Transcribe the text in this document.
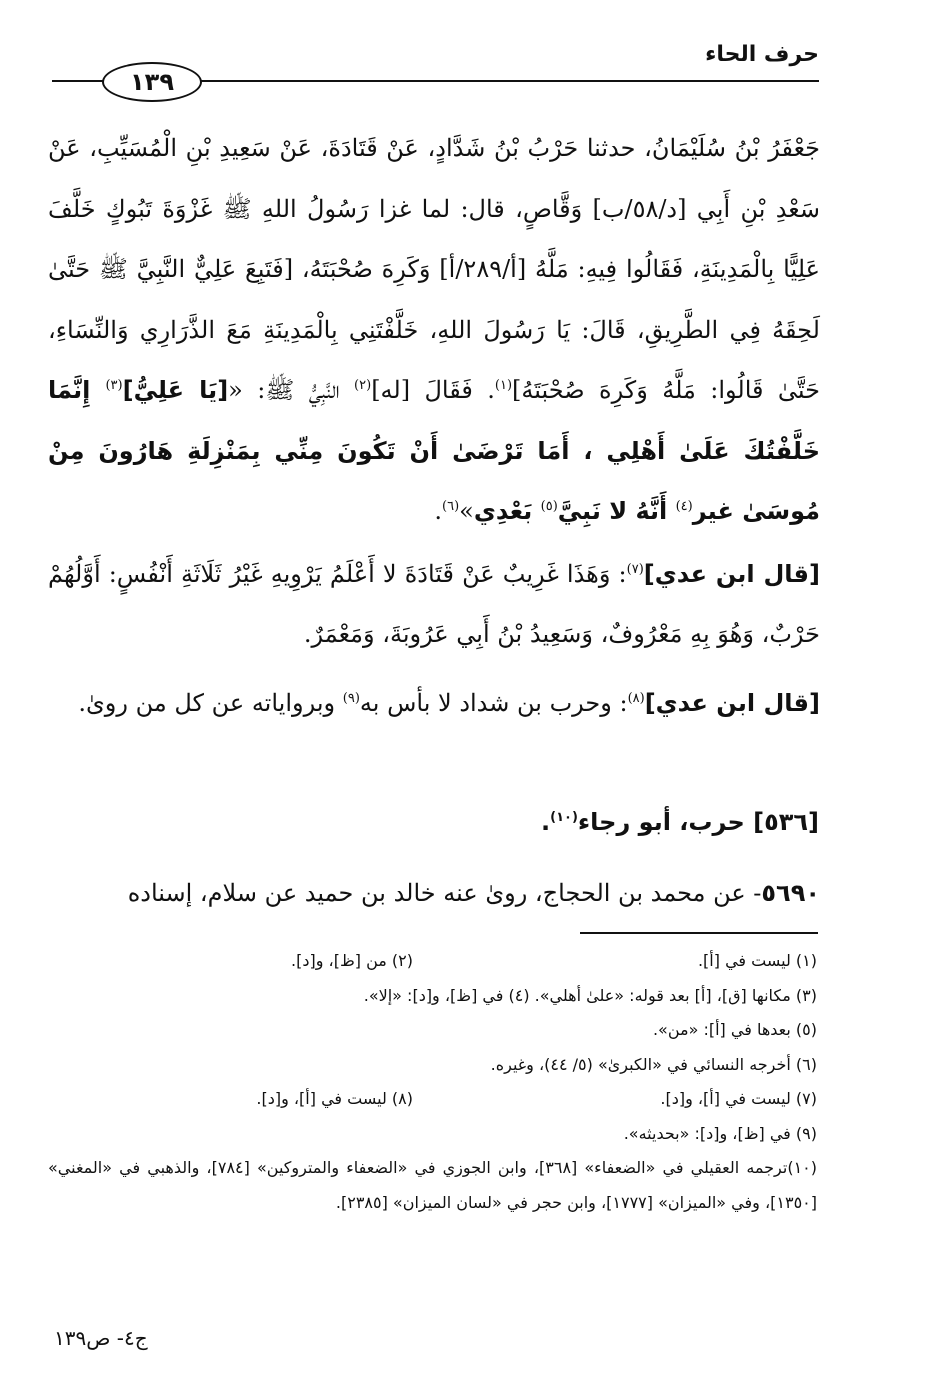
حرف الحاء
١٣٩
جَعْفَرُ بْنُ سُلَيْمَانُ، حدثنا حَرْبُ بْنُ شَدَّادٍ، عَنْ قَتَادَةَ، عَنْ سَعِيدِ بْنِ الْمُسَيِّبِ، عَنْ سَعْدِ بْنِ أَبِي [د/٥٨/ب] وَقَّاصٍ، قال: لما غزا رَسُولُ اللهِ ﷺ غَزْوَةَ تَبُوكٍ خَلَّفَ عَلِيًّا بِالْمَدِينَةِ، فَقَالُوا فِيهِ: مَلَّهُ [أ/٢٨٩/أ] وَكَرِهَ صُحْبَتَهُ، [فَتَبِعَ عَلِيٌّ النَّبِيَّ ﷺ حَتَّىٰ لَحِقَهُ فِي الطَّرِيقِ، قَالَ: يَا رَسُولَ اللهِ، خَلَّفْتَنِي بِالْمَدِينَةِ مَعَ الذَّرَارِي وَالنِّسَاءِ، حَتَّىٰ قَالُوا: مَلَّهُ وَكَرِهَ صُحْبَتَهُ]$^{(١)}$. فَقَالَ [له]$^{(٢)}$ النَّبِيُّ ﷺ: «[يَا عَلِيُّ]$^{(٣)}$ إِنَّمَا خَلَّفْتُكَ عَلَىٰ أَهْلِي ، أَمَا تَرْضَىٰ أَنْ تَكُونَ مِنِّي بِمَنْزِلَةِ هَارُونَ مِنْ مُوسَىٰ غير$^{(٤)}$ أَنَّهُ لا نَبِيَّ$^{(٥)}$ بَعْدِي»$^{(٦)}$.
[قال ابن عدي]$^{(٧)}$: وَهَذَا غَرِيبٌ عَنْ قَتَادَةَ لا أَعْلَمُ يَرْوِيهِ غَيْرُ ثَلَاثَةِ أَنْفُسٍ: أَوَّلُهُمْ حَرْبٌ، وَهُوَ بِهِ مَعْرُوفٌ، وَسَعِيدُ بْنُ أَبِي عَرُوبَةَ، وَمَعْمَرٌ.
[قال ابن عدي]$^{(٨)}$: وحرب بن شداد لا بأس به$^{(٩)}$ وبرواياته عن كل من روىٰ.
[٥٣٦] حرب، أبو رجاء$^{(١٠)}$.
٥٦٩٠- عن محمد بن الحجاج، روىٰ عنه خالد بن حميد عن سلام، إسناده
(١) ليست في [أ].
(٢) من [ظ]، و[د].
(٣) مكانها [ق]، [أ] بعد قوله: «علىٰ أهلي». (٤) في [ظ]، و[د]: «إلا».
(٥) بعدها في [أ]: «من».
(٦) أخرجه النسائي في «الكبرىٰ» (٥/ ٤٤)، وغيره.
(٧) ليست في [أ]، و[د].
(٨) ليست في [أ]، و[د].
(٩) في [ظ]، و[د]: «بحديثه».
(١٠)ترجمه العقيلي في «الضعفاء» [٣٦٨]، وابن الجوزي في «الضعفاء والمتروكين» [٧٨٤]، والذهبي في «المغني» [١٣٥٠]، وفي «الميزان» [١٧٧٧]، وابن حجر في «لسان الميزان» [٢٣٨٥].
ج٤- ص١٣٩
